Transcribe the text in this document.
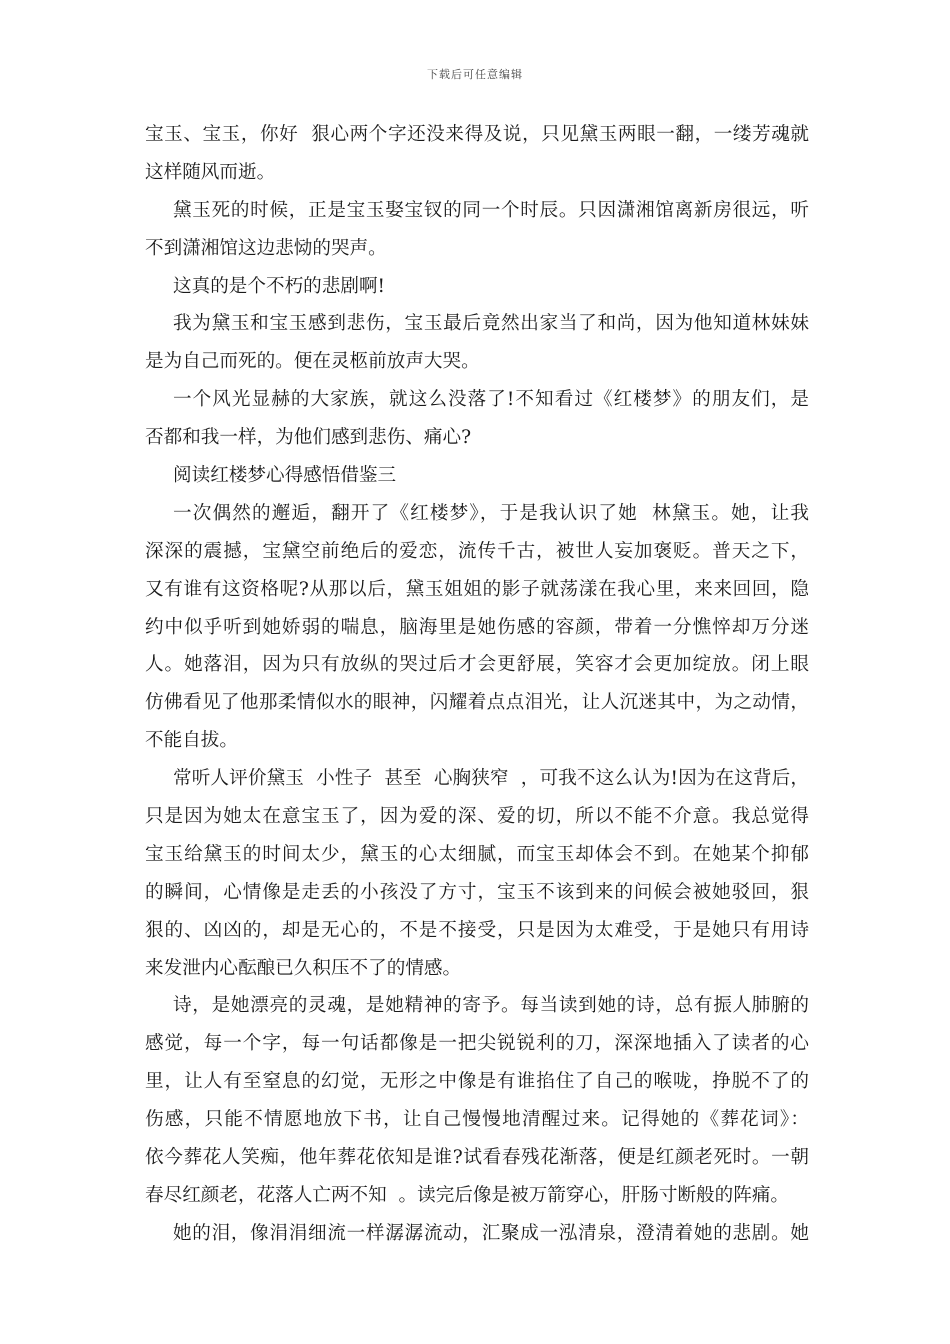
下载后可任意编辑
宝玉、宝玉，你好  狠心两个字还没来得及说，只见黛玉两眼一翻，一缕芳魂就
这样随风而逝。
黛玉死的时候，正是宝玉娶宝钗的同一个时辰。只因潇湘馆离新房很远，听
不到潇湘馆这边悲恸的哭声。
这真的是个不朽的悲剧啊!
我为黛玉和宝玉感到悲伤，宝玉最后竟然出家当了和尚，因为他知道林妹妹
是为自己而死的。便在灵柩前放声大哭。
一个风光显赫的大家族，就这么没落了!不知看过《红楼梦》的朋友们，是
否都和我一样，为他们感到悲伤、痛心?
阅读红楼梦心得感悟借鉴三
一次偶然的邂逅，翻开了《红楼梦》，于是我认识了她  林黛玉。她，让我
深深的震撼，宝黛空前绝后的爱恋，流传千古，被世人妄加褒贬。普天之下，
又有谁有这资格呢?从那以后，黛玉姐姐的影子就荡漾在我心里，来来回回，隐
约中似乎听到她娇弱的喘息，脑海里是她伤感的容颜，带着一分憔悴却万分迷
人。她落泪，因为只有放纵的哭过后才会更舒展，笑容才会更加绽放。闭上眼
仿佛看见了他那柔情似水的眼神，闪耀着点点泪光，让人沉迷其中，为之动情，
不能自拔。
常听人评价黛玉  小性子  甚至  心胸狭窄  ，可我不这么认为!因为在这背后，
只是因为她太在意宝玉了，因为爱的深、爱的切，所以不能不介意。我总觉得
宝玉给黛玉的时间太少，黛玉的心太细腻，而宝玉却体会不到。在她某个抑郁
的瞬间，心情像是走丢的小孩没了方寸，宝玉不该到来的问候会被她驳回，狠
狠的、凶凶的，却是无心的，不是不接受，只是因为太难受，于是她只有用诗
来发泄内心酝酿已久积压不了的情感。
诗，是她漂亮的灵魂，是她精神的寄予。每当读到她的诗，总有振人肺腑的
感觉，每一个字，每一句话都像是一把尖锐锐利的刀，深深地插入了读者的心
里，让人有至窒息的幻觉，无形之中像是有谁掐住了自己的喉咙，挣脱不了的
伤感，只能不情愿地放下书，让自己慢慢地清醒过来。记得她的《葬花词》：
依今葬花人笑痴，他年葬花依知是谁?试看春残花渐落，便是红颜老死时。一朝
春尽红颜老，花落人亡两不知  。读完后像是被万箭穿心，肝肠寸断般的阵痛。
她的泪，像涓涓细流一样潺潺流动，汇聚成一泓清泉，澄清着她的悲剧。她
